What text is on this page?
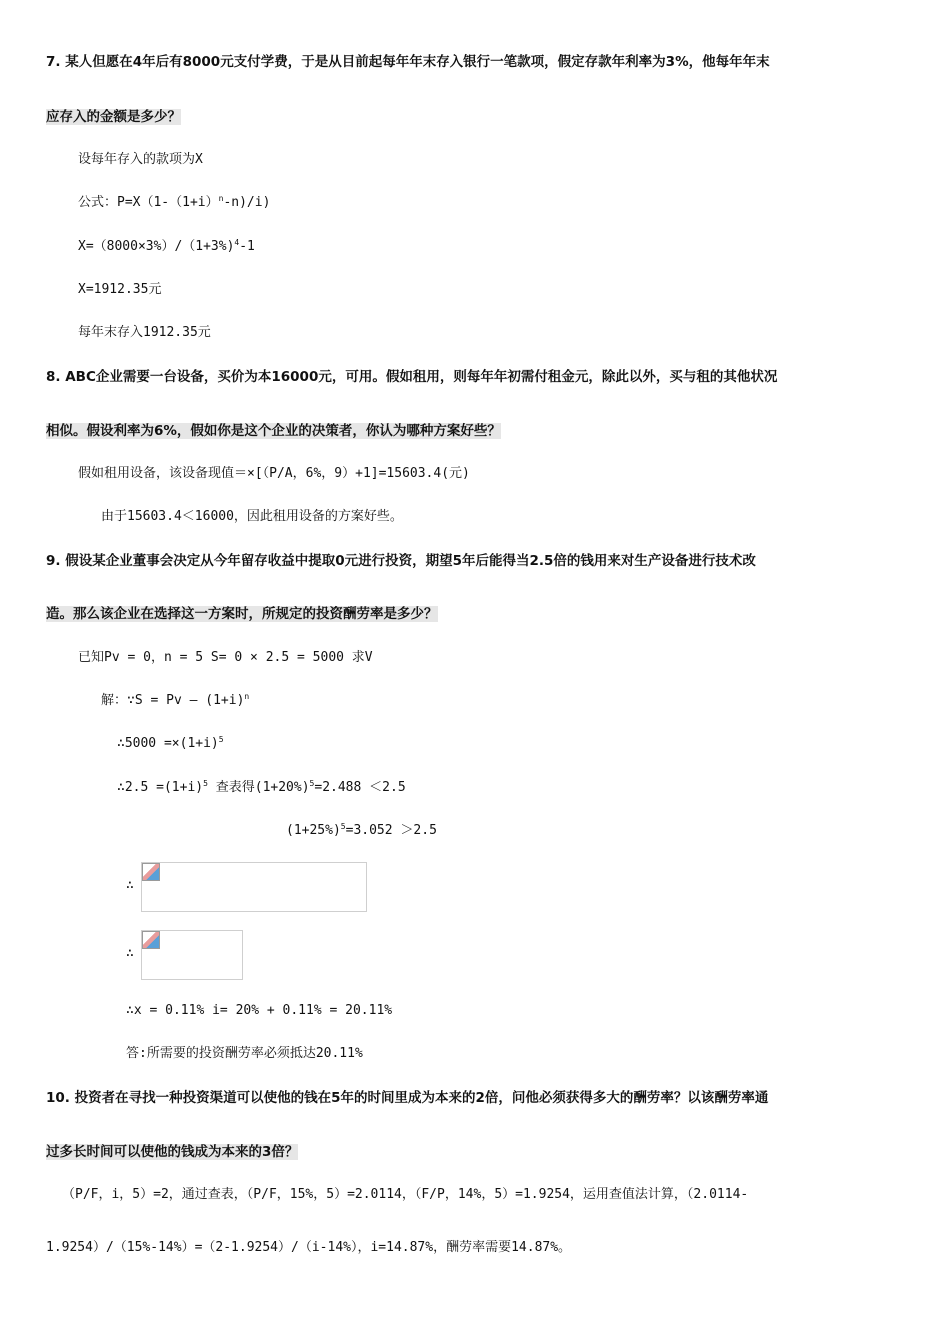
7. 某人但愿在4年后有8000元支付学费，于是从目前起每年年末存入银行一笔款项，假定存款年利率为3%，他每年年末
应存入的金额是多少？
设每年存入的款项为X
公式：$P=X(1-(1+i)^n-n)/i$)
X=（8000×3%）/（1+3%)$^4$-1
X=1912.35元
每年末存入1912.35元
8. ABC企业需要一台设备，买价为本16000元，可用。假如租用，则每年年初需付租金元，除此以外，买与租的其他状况
相似。假设利率为6%，假如你是这个企业的决策者，你认为哪种方案好些？
假如租用设备，该设备现值＝×[（P/A，6%，9）+1]=15603.4(元)
由于15603.4＜16000，因此租用设备的方案好些。
9. 假设某企业董事会决定从今年留存收益中提取0元进行投资，期望5年后能得当2.5倍的钱用来对生产设备进行技术改
造。那么该企业在选择这一方案时，所规定的投资酬劳率是多少？
已知Pv = 0，n = 5 S= 0 × 2.5 = 5000 求V
解：∵S = $Pv - (1+i)^n$
∴5000 $=\times(1+i)^5$
∴2.5 $=(1+i)^5$ 查表得$(1+20\%)^5=2.488 <2.5$
$(1+25\%)^5=3.052 >2.5$
∴
∴
∴x = 0.11% i= 20% + 0.11% = 20.11%
答:所需要的投资酬劳率必须抵达20.11%
10. 投资者在寻找一种投资渠道可以使他的钱在5年的时间里成为本来的2倍，问他必须获得多大的酬劳率？以该酬劳率通
过多长时间可以使他的钱成为本来的3倍？
（P/F，i，5）=2，通过查表，（P/F，15%，5）=2.0114，（F/P，14%，5）=1.9254，运用查值法计算，（2.0114-
1.9254）/（15%-14%）=（2-1.9254）/（i-14%），i=14.87%，酬劳率需要14.87%。
